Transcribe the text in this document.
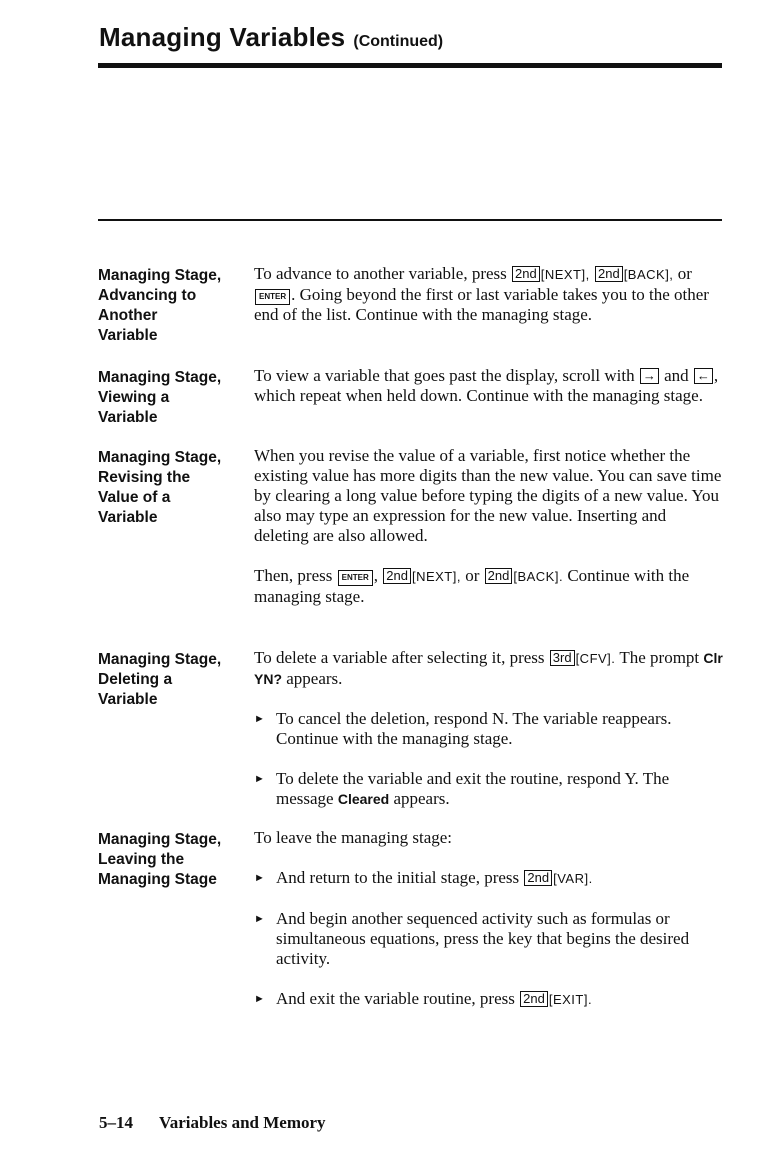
Managing Variables (Continued)
Managing Stage,
Advancing to
Another
Variable

To advance to another variable, press 2nd [NEXT], 2nd [BACK], or ENTER . Going beyond the first or last variable takes you to the other end of the list. Continue with the managing stage.

Managing Stage,
Viewing a
Variable

To view a variable that goes past the display, scroll with → and ← , which repeat when held down. Continue with the managing stage.

Managing Stage,
Revising the
Value of a
Variable

When you revise the value of a variable, first notice whether the existing value has more digits than the new value. You can save time by clearing a long value before typing the digits of a new value. You also may type an expression for the new value. Inserting and deleting are also allowed.

Then, press ENTER , 2nd [NEXT], or 2nd [BACK]. Continue with the managing stage.

Managing Stage,
Deleting a
Variable

To delete a variable after selecting it, press 3rd [CFV]. The prompt Clr YN? appears.

► To cancel the deletion, respond N. The variable reappears. Continue with the managing stage.

► To delete the variable and exit the routine, respond Y. The message Cleared appears.

Managing Stage,
Leaving the
Managing Stage

To leave the managing stage:

► And return to the initial stage, press 2nd [VAR].

► And begin another sequenced activity such as formulas or simultaneous equations, press the key that begins the desired activity.

► And exit the variable routine, press 2nd [EXIT].

5–14 Variables and Memory
